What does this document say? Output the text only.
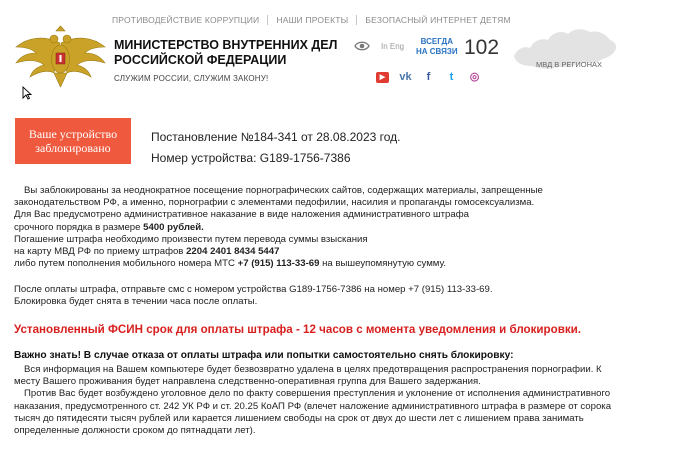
ПРОТИВОДЕЙСТВИЕ КОРРУПЦИИ НАШИ ПРОЕКТЫ БЕЗОПАСНЫЙ ИНТЕРНЕТ ДЕТЯМ
МИНИСТЕРСТВО ВНУТРЕННИХ ДЕЛ
РОССИЙСКОЙ ФЕДЕРАЦИИ
СЛУЖИМ РОССИИ, СЛУЖИМ ЗАКОНУ!
In Eng
ВСЕГДА
НА СВЯЗИ 102
▶	vk	f	t	◎
МВД В РЕГИОНАХ
Ваше устройство
заблокировано
Постановление №184-341 от 28.08.2023 год.
Номер устройства: G189-1756-7386
Вы заблокированы за неоднократное посещение порнографических сайтов, содержащих материалы, запрещенные
законодательством РФ, а именно, порнографии с элементами педофилии, насилия и пропаганды гомосексуализма.
Для Вас предусмотрено административное наказание в виде наложения административного штрафа
срочного порядка в размере 5400 рублей.
Погашение штрафа необходимо произвести путем перевода суммы взыскания
на карту МВД РФ по приему штрафов 2204 2401 8434 5447
либо путем пополнения мобильного номера МТС +7 (915) 113-33-69 на вышеупомянутую сумму.
После оплаты штрафа, отправьте смс с номером устройства G189-1756-7386 на номер +7 (915) 113-33-69.
Блокировка будет снята в течении часа после оплаты.
Установленный ФСИН срок для оплаты штрафа - 12 часов с момента уведомления и блокировки.
Важно знать! В случае отказа от оплаты штрафа или попытки самостоятельно снять блокировку:
Вся информация на Вашем компьютере будет безвозвратно удалена в целях предотвращения распространения порнографии. К
месту Вашего проживания будет направлена следственно-оперативная группа для Вашего задержания.
Против Вас будет возбуждено уголовное дело по факту совершения преступления и уклонение от исполнения административного
наказания, предусмотренного ст. 242 УК РФ и ст. 20.25 КоАП РФ (влечет наложение административного штрафа в размере от сорока
тысяч до пятидесяти тысяч рублей или карается лишением свободы на срок от двух до шести лет с лишением права занимать
определенные должности сроком до пятнадцати лет).
